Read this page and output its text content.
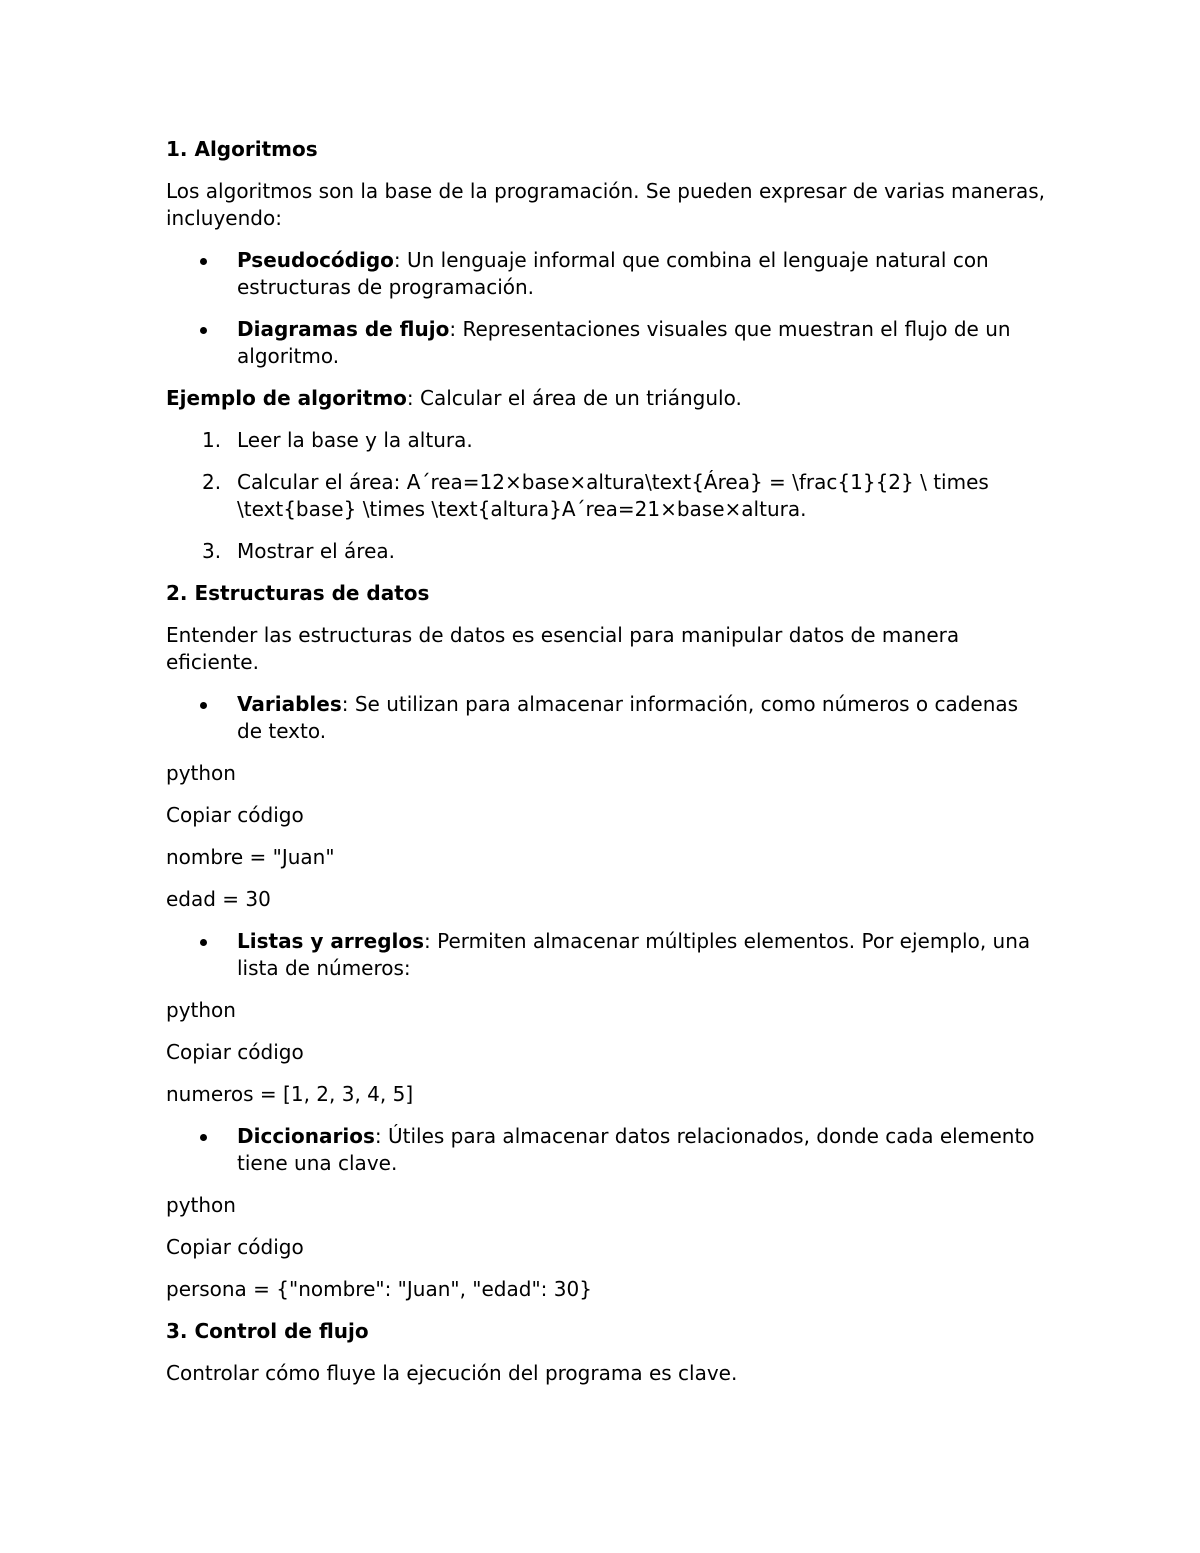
1. Algoritmos

Los algoritmos son la base de la programación. Se pueden expresar de varias maneras, incluyendo:

Pseudocódigo: Un lenguaje informal que combina el lenguaje natural con estructuras de programación.
Diagramas de flujo: Representaciones visuales que muestran el flujo de un algoritmo.

Ejemplo de algoritmo: Calcular el área de un triángulo.

1. Leer la base y la altura.
2. Calcular el área: A´rea=12×base×altura\text{Área} = \frac{1}{2} \ times \text{base} \times \text{altura}A´rea=21×base×altura.
3. Mostrar el área.

2. Estructuras de datos

Entender las estructuras de datos es esencial para manipular datos de manera eficiente.

Variables: Se utilizan para almacenar información, como números o cadenas de texto.

python

Copiar código

nombre = "Juan"

edad = 30

Listas y arreglos: Permiten almacenar múltiples elementos. Por ejemplo, una lista de números:

python

Copiar código

numeros = [1, 2, 3, 4, 5]

Diccionarios: Útiles para almacenar datos relacionados, donde cada elemento tiene una clave.

python

Copiar código

persona = {"nombre": "Juan", "edad": 30}

3. Control de flujo

Controlar cómo fluye la ejecución del programa es clave.
